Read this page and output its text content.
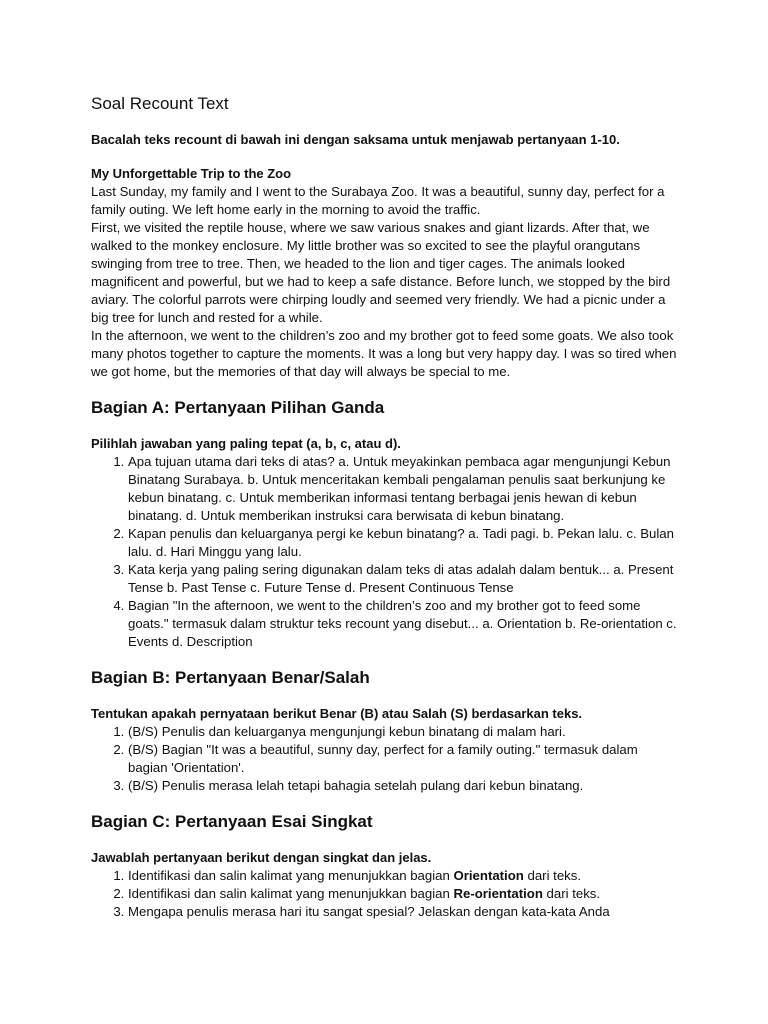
Soal Recount Text

Bacalah teks recount di bawah ini dengan saksama untuk menjawab pertanyaan 1-10.

My Unforgettable Trip to the Zoo

Last Sunday, my family and I went to the Surabaya Zoo. It was a beautiful, sunny day, perfect for a family outing. We left home early in the morning to avoid the traffic.

First, we visited the reptile house, where we saw various snakes and giant lizards. After that, we walked to the monkey enclosure. My little brother was so excited to see the playful orangutans swinging from tree to tree. Then, we headed to the lion and tiger cages. The animals looked magnificent and powerful, but we had to keep a safe distance. Before lunch, we stopped by the bird aviary. The colorful parrots were chirping loudly and seemed very friendly. We had a picnic under a big tree for lunch and rested for a while.

In the afternoon, we went to the children’s zoo and my brother got to feed some goats. We also took many photos together to capture the moments. It was a long but very happy day. I was so tired when we got home, but the memories of that day will always be special to me.

Bagian A: Pertanyaan Pilihan Ganda

Pilihlah jawaban yang paling tepat (a, b, c, atau d).

1. Apa tujuan utama dari teks di atas? a. Untuk meyakinkan pembaca agar mengunjungi Kebun Binatang Surabaya. b. Untuk menceritakan kembali pengalaman penulis saat berkunjung ke kebun binatang. c. Untuk memberikan informasi tentang berbagai jenis hewan di kebun binatang. d. Untuk memberikan instruksi cara berwisata di kebun binatang.
2. Kapan penulis dan keluarganya pergi ke kebun binatang? a. Tadi pagi. b. Pekan lalu. c. Bulan lalu. d. Hari Minggu yang lalu.
3. Kata kerja yang paling sering digunakan dalam teks di atas adalah dalam bentuk... a. Present Tense b. Past Tense c. Future Tense d. Present Continuous Tense
4. Bagian "In the afternoon, we went to the children’s zoo and my brother got to feed some goats." termasuk dalam struktur teks recount yang disebut... a. Orientation b. Re-orientation c. Events d. Description
Bagian B: Pertanyaan Benar/Salah

Tentukan apakah pernyataan berikut Benar (B) atau Salah (S) berdasarkan teks.

1. (B/S) Penulis dan keluarganya mengunjungi kebun binatang di malam hari.
2. (B/S) Bagian "It was a beautiful, sunny day, perfect for a family outing." termasuk dalam bagian 'Orientation'.
3. (B/S) Penulis merasa lelah tetapi bahagia setelah pulang dari kebun binatang.
Bagian C: Pertanyaan Esai Singkat

Jawablah pertanyaan berikut dengan singkat dan jelas.

1. Identifikasi dan salin kalimat yang menunjukkan bagian Orientation dari teks.
2. Identifikasi dan salin kalimat yang menunjukkan bagian Re-orientation dari teks.
3. Mengapa penulis merasa hari itu sangat spesial? Jelaskan dengan kata-kata Anda
